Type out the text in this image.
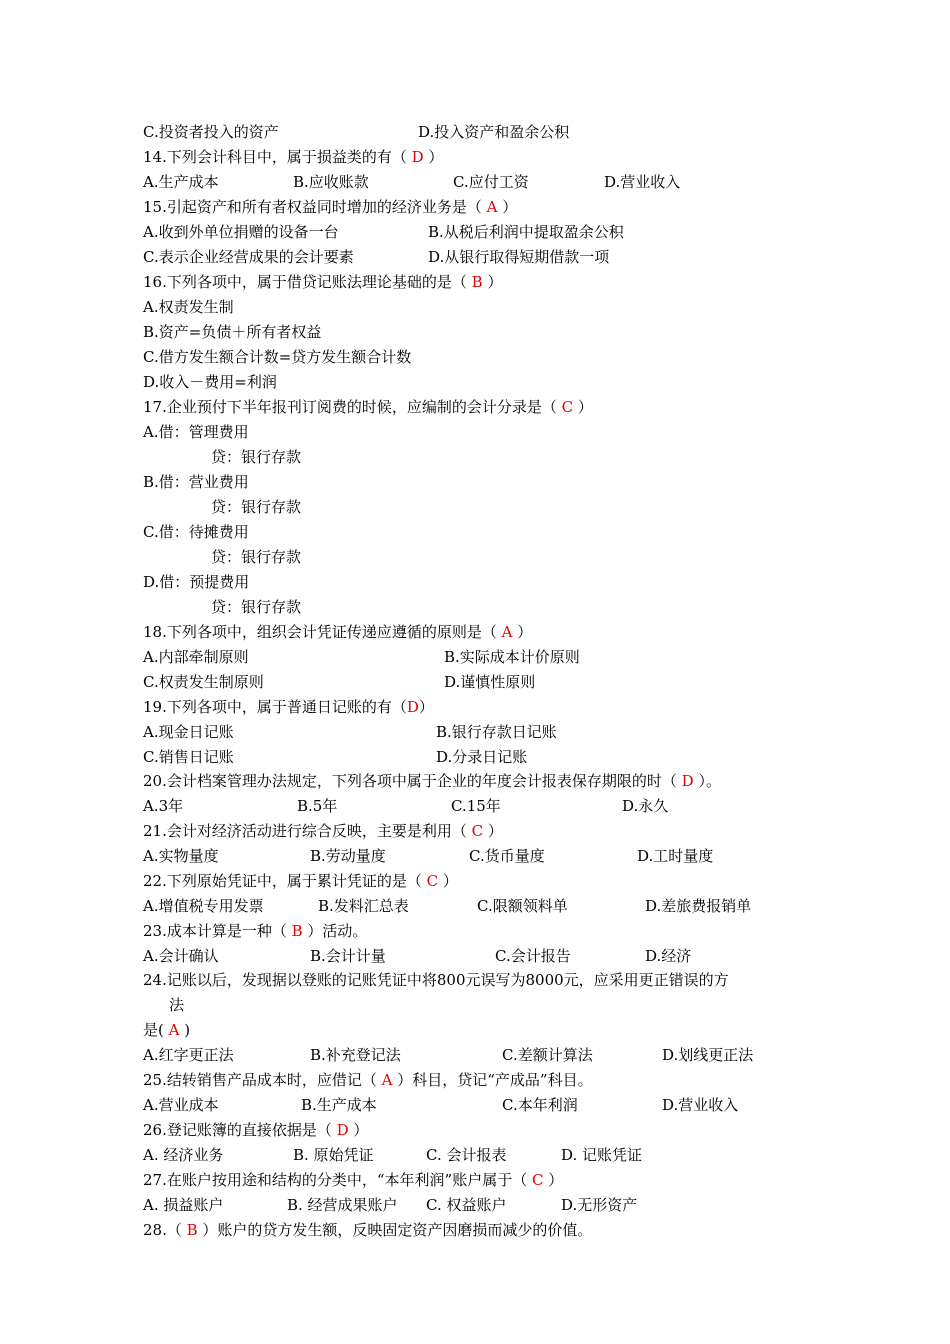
C.投资者投入的资产	D.投入资产和盈余公积
14.下列会计科目中，属于损益类的有（ D ）
A.生产成本	B.应收账款	C.应付工资	D.营业收入
15.引起资产和所有者权益同时增加的经济业务是（ A ）
A.收到外单位捐赠的设备一台	B.从税后利润中提取盈余公积
C.表示企业经营成果的会计要素	D.从银行取得短期借款一项
16.下列各项中，属于借贷记账法理论基础的是（ B ）
A.权责发生制
B.资产=负债＋所有者权益
C.借方发生额合计数=贷方发生额合计数
D.收入－费用=利润
17.企业预付下半年报刊订阅费的时候，应编制的会计分录是（ C ）
A.借：管理费用
贷：银行存款
B.借：营业费用
贷：银行存款
C.借：待摊费用
贷：银行存款
D.借：预提费用
贷：银行存款
18.下列各项中，组织会计凭证传递应遵循的原则是（ A ）
A.内部牵制原则	B.实际成本计价原则
C.权责发生制原则	D.谨慎性原则
19.下列各项中，属于普通日记账的有（D）
A.现金日记账	B.银行存款日记账
C.销售日记账	D.分录日记账
20.会计档案管理办法规定，下列各项中属于企业的年度会计报表保存期限的时（ D ）。
A.3年	B.5年	C.15年	D.永久
21.会计对经济活动进行综合反映，主要是利用（ C ）
A.实物量度	B.劳动量度	C.货币量度	D.工时量度
22.下列原始凭证中，属于累计凭证的是（ C ）
A.增值税专用发票	B.发料汇总表	C.限额领料单	D.差旅费报销单
23.成本计算是一种（ B ）活动。
A.会计确认	B.会计计量	C.会计报告	D.经济
24.记账以后，发现据以登账的记账凭证中将800元误写为8000元，应采用更正错误的方
法
是( A )
A.红字更正法	B.补充登记法	C.差额计算法	D.划线更正法
25.结转销售产品成本时，应借记（ A ）科目，贷记“产成品”科目。
A.营业成本	B.生产成本	C.本年利润	D.营业收入
26.登记账簿的直接依据是（ D ）
A. 经济业务	B. 原始凭证	C. 会计报表	D. 记账凭证
27.在账户按用途和结构的分类中，“本年利润”账户属于（ C ）
A. 损益账户	B. 经营成果账户 C. 权益账户	D.无形资产
28.（ B ）账户的贷方发生额，反映固定资产因磨损而减少的价值。
